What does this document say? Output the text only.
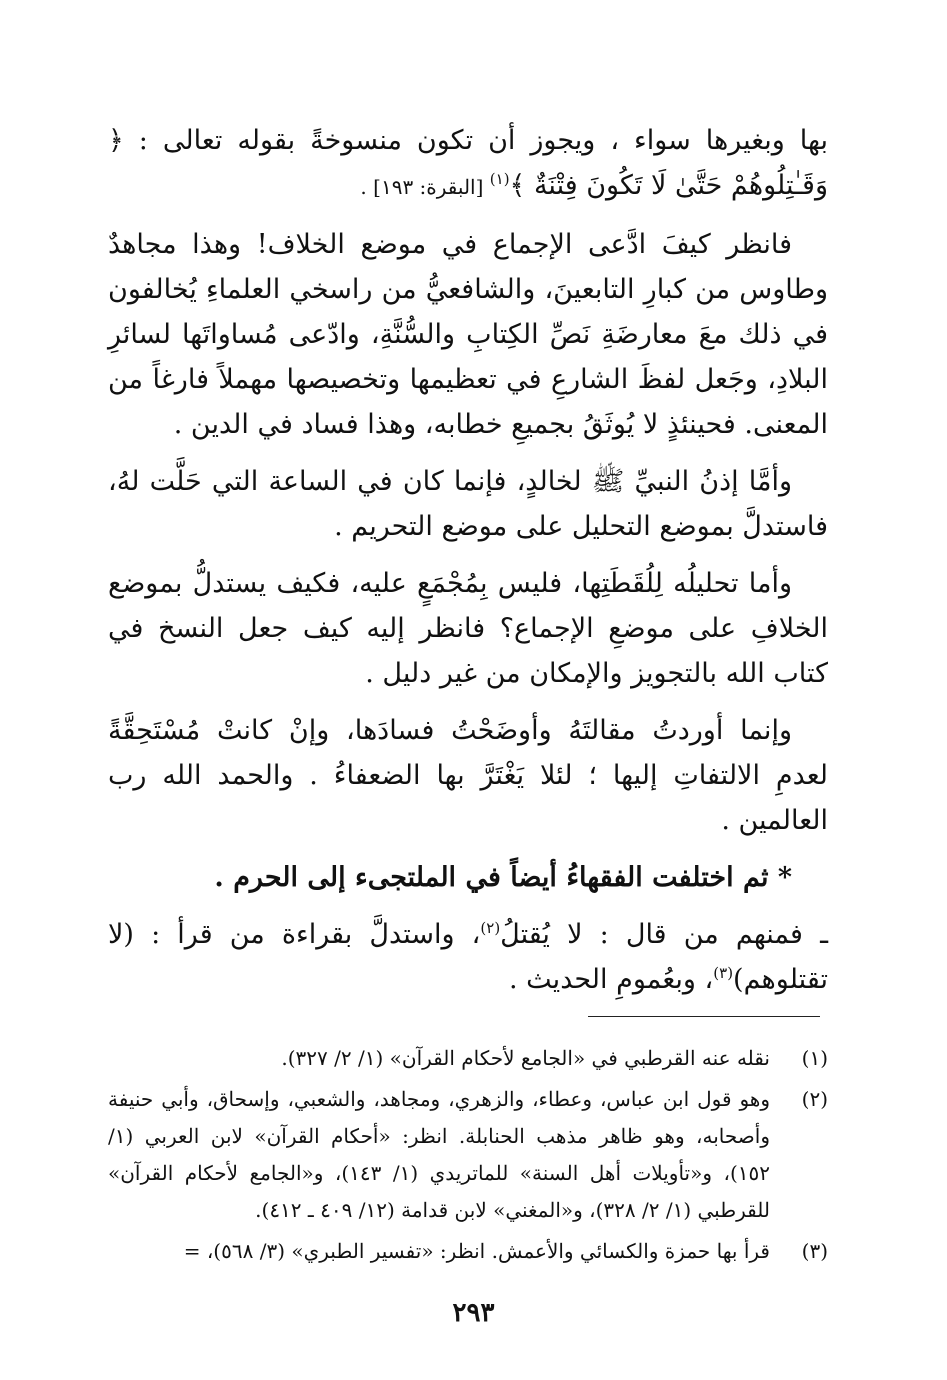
بها وبغيرها سواء ، ويجوز أن تكون منسوخةً بقوله تعالى : ﴿ وَقَـٰتِلُوهُمْ حَتَّىٰ لَا تَكُونَ فِتْنَةٌ ﴾$^{(١)}$ [البقرة: ١٩٣] .

فانظر كيفَ ادَّعى الإجماع في موضع الخلاف! وهذا مجاهدٌ وطاوس من كبارِ التابعينَ، والشافعيُّ من راسخي العلماءِ يُخالفون في ذلك معَ معارضَةِ نَصِّ الكِتابِ والسُّنَّةِ، وادّعى مُساواتَها لسائرِ البلادِ، وجَعل لفظَ الشارعِ في تعظيمها وتخصيصها مهملاً فارغاً من المعنى. فحينئذٍ لا يُوثَقُ بجميعِ خطابه، وهذا فساد في الدين .

وأمَّا إذنُ النبيِّ ﷺ لخالدٍ، فإنما كان في الساعة التي حَلَّت لهُ، فاستدلَّ بموضع التحليل على موضع التحريم .

وأما تحليلُه لِلُقَطَتِها، فليس بِمُجْمَعٍ عليه، فكيف يستدلُّ بموضع الخلافِ على موضعِ الإجماع؟ فانظر إليه كيف جعل النسخ في كتاب الله بالتجويز والإمكان من غير دليل .

وإنما أوردتُ مقالتَهُ وأوضَحْتُ فسادَها، وإنْ كانتْ مُسْتَحِقَّةً لعدمِ الالتفاتِ إليها ؛ لئلا يَغْتَرَّ بها الضعفاءُ . والحمد الله رب العالمين .

* ثم اختلفت الفقهاءُ أيضاً في الملتجىء إلى الحرم .

ـ فمنهم من قال : لا يُقتلُ$^{(٢)}$، واستدلَّ بقراءة من قرأ : (لا تقتلوهم)$^{(٣)}$، وبعُمومِ الحديث .

(١)
نقله عنه القرطبي في «الجامع لأحكام القرآن» (١/ ٢/ ٣٢٧).

(٢)
وهو قول ابن عباس، وعطاء، والزهري، ومجاهد، والشعبي، وإسحاق، وأبي حنيفة وأصحابه، وهو ظاهر مذهب الحنابلة. انظر: «أحكام القرآن» لابن العربي (١/ ١٥٢)، و«تأويلات أهل السنة» للماتريدي (١/ ١٤٣)، و«الجامع لأحكام القرآن» للقرطبي (١/ ٢/ ٣٢٨)، و«المغني» لابن قدامة (١٢/ ٤٠٩ ـ ٤١٢).

(٣)
قرأ بها حمزة والكسائي والأعمش. انظر: «تفسير الطبري» (٣/ ٥٦٨)، =

٢٩٣
